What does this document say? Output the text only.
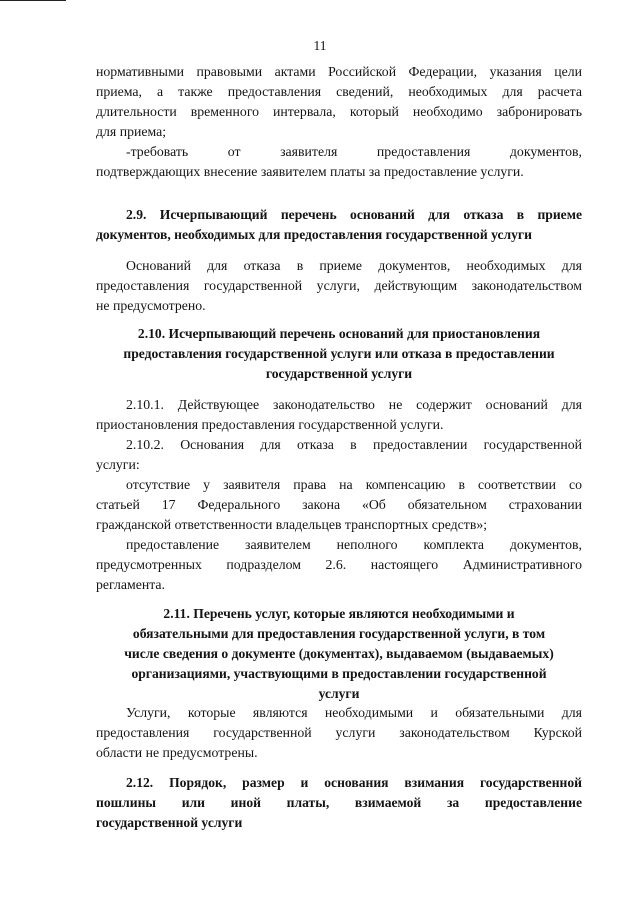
11
нормативными правовыми актами Российской Федерации, указания цели
приема, а также предоставления сведений, необходимых для расчета
длительности временного интервала, который необходимо забронировать
для приема;
-требовать от заявителя предоставления документов,
подтверждающих внесение заявителем платы за предоставление услуги.
2.9. Исчерпывающий перечень оснований для отказа в приеме
документов, необходимых для предоставления государственной услуги
Оснований для отказа в приеме документов, необходимых для
предоставления государственной услуги, действующим законодательством
не предусмотрено.
2.10. Исчерпывающий перечень оснований для приостановления
предоставления государственной услуги или отказа в предоставлении
государственной услуги
2.10.1. Действующее законодательство не содержит оснований для
приостановления предоставления государственной услуги.
2.10.2. Основания для отказа в предоставлении государственной
услуги:
отсутствие у заявителя права на компенсацию в соответствии со
статьей 17 Федерального закона «Об обязательном страховании
гражданской ответственности владельцев транспортных средств»;
предоставление заявителем неполного комплекта документов,
предусмотренных подразделом 2.6. настоящего Административного
регламента.
2.11. Перечень услуг, которые являются необходимыми и
обязательными для предоставления государственной услуги, в том
числе сведения о документе (документах), выдаваемом (выдаваемых)
организациями, участвующими в предоставлении государственной
услуги
Услуги, которые являются необходимыми и обязательными для
предоставления государственной услуги законодательством Курской
области не предусмотрены.
2.12. Порядок, размер и основания взимания государственной
пошлины или иной платы, взимаемой за предоставление
государственной услуги
